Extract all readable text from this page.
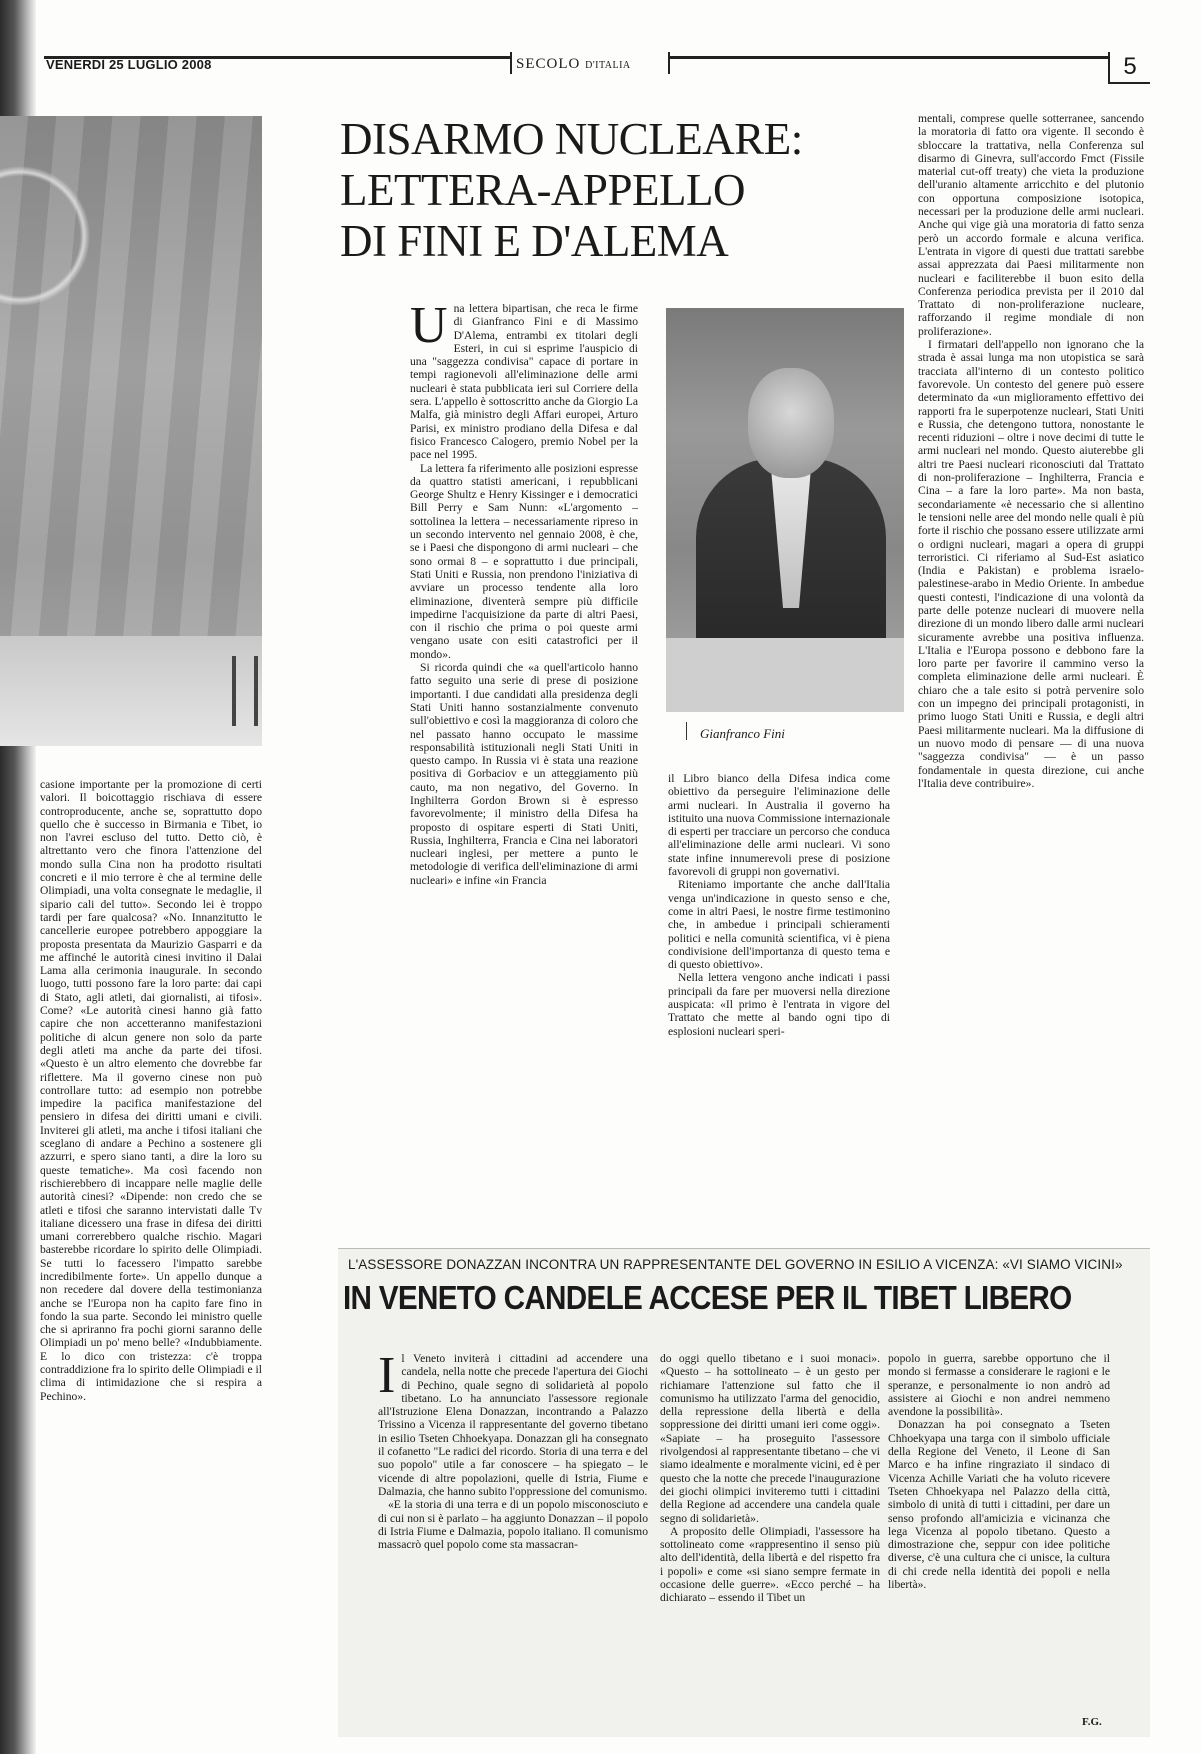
VENERDÌ 25 LUGLIO 2008	SECOLO D'ITALIA	5
DISARMO NUCLEARE:
LETTERA-APPELLO
DI FINI E D'ALEMA

casione importante per la promozione di certi valori. Il boicottaggio rischiava di essere controproducente, anche se, soprattutto dopo quello che è successo in Birmania e Tibet, io non l'avrei escluso del tutto. Detto ciò, è altrettanto vero che finora l'attenzione del mondo sulla Cina non ha prodotto risultati concreti e il mio terrore è che al termine delle Olimpiadi, una volta consegnate le medaglie, il sipario cali del tutto». Secondo lei è troppo tardi per fare qualcosa? «No. Innanzitutto le cancellerie europee potrebbero appoggiare la proposta presentata da Maurizio Gasparri e da me affinché le autorità cinesi invitino il Dalai Lama alla cerimonia inaugurale. In secondo luogo, tutti possono fare la loro parte: dai capi di Stato, agli atleti, dai giornalisti, ai tifosi». Come? «Le autorità cinesi hanno già fatto capire che non accetteranno manifestazioni politiche di alcun genere non solo da parte degli atleti ma anche da parte dei tifosi. «Questo è un altro elemento che dovrebbe far riflettere. Ma il governo cinese non può controllare tutto: ad esempio non potrebbe impedire la pacifica manifestazione del pensiero in difesa dei diritti umani e civili. Inviterei gli atleti, ma anche i tifosi italiani che sceglano di andare a Pechino a sostenere gli azzurri, e spero siano tanti, a dire la loro su queste tematiche». Ma così facendo non rischierebbero di incappare nelle maglie delle autorità cinesi? «Dipende: non credo che se atleti e tifosi che saranno intervistati dalle Tv italiane dicessero una frase in difesa dei diritti umani correrebbero qualche rischio. Magari basterebbe ricordare lo spirito delle Olimpiadi. Se tutti lo facessero l'impatto sarebbe incredibilmente forte». Un appello dunque a non recedere dal dovere della testimonianza anche se l'Europa non ha capito fare fino in fondo la sua parte. Secondo lei ministro quelle che si apriranno fra pochi giorni saranno delle Olimpiadi un po' meno belle? «Indubbiamente. E lo dico con tristezza: c'è troppa contraddizione fra lo spirito delle Olimpiadi e il clima di intimidazione che si respira a Pechino».

Una lettera bipartisan, che reca le firme di Gianfranco Fini e di Massimo D'Alema, entrambi ex titolari degli Esteri, in cui si esprime l'auspicio di una "saggezza condivisa" capace di portare in tempi ragionevoli all'eliminazione delle armi nucleari è stata pubblicata ieri sul Corriere della sera. L'appello è sottoscritto anche da Giorgio La Malfa, già ministro degli Affari europei, Arturo Parisi, ex ministro prodiano della Difesa e dal fisico Francesco Calogero, premio Nobel per la pace nel 1995.

La lettera fa riferimento alle posizioni espresse da quattro statisti americani, i repubblicani George Shultz e Henry Kissinger e i democratici Bill Perry e Sam Nunn: «L'argomento – sottolinea la lettera – necessariamente ripreso in un secondo intervento nel gennaio 2008, è che, se i Paesi che dispongono di armi nucleari – che sono ormai 8 – e soprattutto i due principali, Stati Uniti e Russia, non prendono l'iniziativa di avviare un processo tendente alla loro eliminazione, diventerà sempre più difficile impedirne l'acquisizione da parte di altri Paesi, con il rischio che prima o poi queste armi vengano usate con esiti catastrofici per il mondo».

Si ricorda quindi che «a quell'articolo hanno fatto seguito una serie di prese di posizione importanti. I due candidati alla presidenza degli Stati Uniti hanno sostanzialmente convenuto sull'obiettivo e così la maggioranza di coloro che nel passato hanno occupato le massime responsabilità istituzionali negli Stati Uniti in questo campo. In Russia vi è stata una reazione positiva di Gorbaciov e un atteggiamento più cauto, ma non negativo, del Governo. In Inghilterra Gordon Brown si è espresso favorevolmente; il ministro della Difesa ha proposto di ospitare esperti di Stati Uniti, Russia, Inghilterra, Francia e Cina nei laboratori nucleari inglesi, per mettere a punto le metodologie di verifica dell'eliminazione di armi nucleari» e infine «in Francia

Gianfranco Fini

il Libro bianco della Difesa indica come obiettivo da perseguire l'eliminazione delle armi nucleari. In Australia il governo ha istituito una nuova Commissione internazionale di esperti per tracciare un percorso che conduca all'eliminazione delle armi nucleari. Vi sono state infine innumerevoli prese di posizione favorevoli di gruppi non governativi.

Riteniamo importante che anche dall'Italia venga un'indicazione in questo senso e che, come in altri Paesi, le nostre firme testimonino che, in ambedue i principali schieramenti politici e nella comunità scientifica, vi è piena condivisione dell'importanza di questo tema e di questo obiettivo».

Nella lettera vengono anche indicati i passi principali da fare per muoversi nella direzione auspicata: «Il primo è l'entrata in vigore del Trattato che mette al bando ogni tipo di esplosioni nucleari speri-

mentali, comprese quelle sotterranee, sancendo la moratoria di fatto ora vigente. Il secondo è sbloccare la trattativa, nella Conferenza sul disarmo di Ginevra, sull'accordo Fmct (Fissile material cut-off treaty) che vieta la produzione dell'uranio altamente arricchito e del plutonio con opportuna composizione isotopica, necessari per la produzione delle armi nucleari. Anche qui vige già una moratoria di fatto senza però un accordo formale e alcuna verifica. L'entrata in vigore di questi due trattati sarebbe assai apprezzata dai Paesi militarmente non nucleari e faciliterebbe il buon esito della Conferenza periodica prevista per il 2010 dal Trattato di non-proliferazione nucleare, rafforzando il regime mondiale di non proliferazione».

I firmatari dell'appello non ignorano che la strada è assai lunga ma non utopistica se sarà tracciata all'interno di un contesto politico favorevole. Un contesto del genere può essere determinato da «un miglioramento effettivo dei rapporti fra le superpotenze nucleari, Stati Uniti e Russia, che detengono tuttora, nonostante le recenti riduzioni – oltre i nove decimi di tutte le armi nucleari nel mondo. Questo aiuterebbe gli altri tre Paesi nucleari riconosciuti dal Trattato di non-proliferazione – Inghilterra, Francia e Cina – a fare la loro parte». Ma non basta, secondariamente «è necessario che si allentino le tensioni nelle aree del mondo nelle quali è più forte il rischio che possano essere utilizzate armi o ordigni nucleari, magari a opera di gruppi terroristici. Ci riferiamo al Sud-Est asiatico (India e Pakistan) e problema israelo-palestinese-arabo in Medio Oriente. In ambedue questi contesti, l'indicazione di una volontà da parte delle potenze nucleari di muovere nella direzione di un mondo libero dalle armi nucleari sicuramente avrebbe una positiva influenza. L'Italia e l'Europa possono e debbono fare la loro parte per favorire il cammino verso la completa eliminazione delle armi nucleari. È chiaro che a tale esito si potrà pervenire solo con un impegno dei principali protagonisti, in primo luogo Stati Uniti e Russia, e degli altri Paesi militarmente nucleari. Ma la diffusione di un nuovo modo di pensare — di una nuova "saggezza condivisa" — è un passo fondamentale in questa direzione, cui anche l'Italia deve contribuire».

L'ASSESSORE DONAZZAN INCONTRA UN RAPPRESENTANTE DEL GOVERNO IN ESILIO A VICENZA: «VI SIAMO VICINI»
IN VENETO CANDELE ACCESE PER IL TIBET LIBERO

Il Veneto inviterà i cittadini ad accendere una candela, nella notte che precede l'apertura dei Giochi di Pechino, quale segno di solidarietà al popolo tibetano. Lo ha annunciato l'assessore regionale all'Istruzione Elena Donazzan, incontrando a Palazzo Trissino a Vicenza il rappresentante del governo tibetano in esilio Tseten Chhoekyapa. Donazzan gli ha consegnato il cofanetto "Le radici del ricordo. Storia di una terra e del suo popolo" utile a far conoscere – ha spiegato – le vicende di altre popolazioni, quelle di Istria, Fiume e Dalmazia, che hanno subito l'oppressione del comunismo.

«E la storia di una terra e di un popolo misconosciuto e di cui non si è parlato – ha aggiunto Donazzan – il popolo di Istria Fiume e Dalmazia, popolo italiano. Il comunismo massacrò quel popolo come sta massacran-

do oggi quello tibetano e i suoi monaci». «Questo – ha sottolineato – è un gesto per richiamare l'attenzione sul fatto che il comunismo ha utilizzato l'arma del genocidio, della repressione della libertà e della soppressione dei diritti umani ieri come oggi». «Sapiate – ha proseguito l'assessore rivolgendosi al rappresentante tibetano – che vi siamo idealmente e moralmente vicini, ed è per questo che la notte che precede l'inaugurazione dei giochi olimpici inviteremo tutti i cittadini della Regione ad accendere una candela quale segno di solidarietà».

A proposito delle Olimpiadi, l'assessore ha sottolineato come «rappresentino il senso più alto dell'identità, della libertà e del rispetto fra i popoli» e come «si siano sempre fermate in occasione delle guerre». «Ecco perché – ha dichiarato – essendo il Tibet un

popolo in guerra, sarebbe opportuno che il mondo si fermasse a considerare le ragioni e le speranze, e personalmente io non andrò ad assistere ai Giochi e non andrei nemmeno avendone la possibilità».

Donazzan ha poi consegnato a Tseten Chhoekyapa una targa con il simbolo ufficiale della Regione del Veneto, il Leone di San Marco e ha infine ringraziato il sindaco di Vicenza Achille Variati che ha voluto ricevere Tseten Chhoekyapa nel Palazzo della città, simbolo di unità di tutti i cittadini, per dare un senso profondo all'amicizia e vicinanza che lega Vicenza al popolo tibetano. Questo a dimostrazione che, seppur con idee politiche diverse, c'è una cultura che ci unisce, la cultura di chi crede nella identità dei popoli e nella libertà».

F.G.
